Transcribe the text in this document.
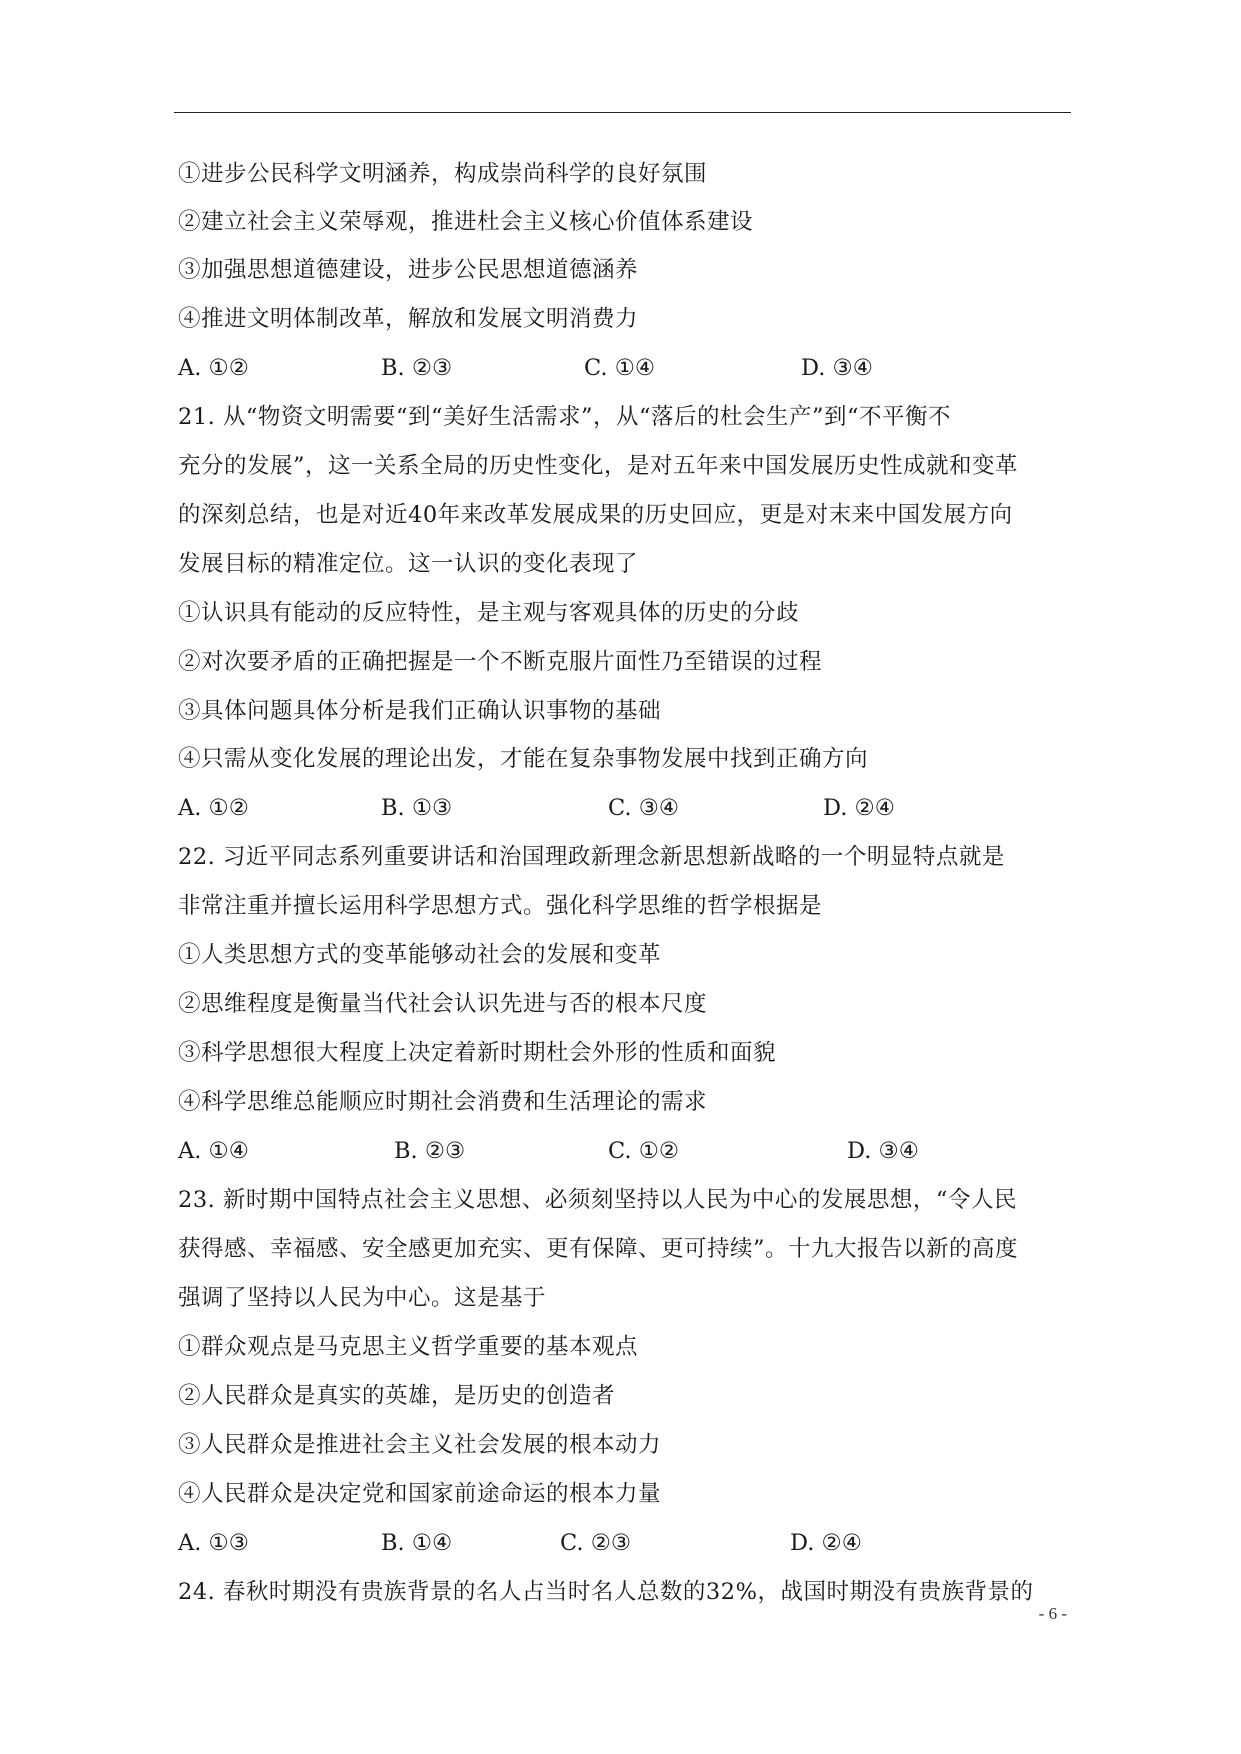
①进步公民科学文明涵养，构成崇尚科学的良好氛围
②建立社会主义荣辱观，推进杜会主义核心价值体系建设
③加强思想道德建设，进步公民思想道德涵养
④推进文明体制改革，解放和发展文明消费力
A. ①②	B. ②③	C. ①④	D. ③④
21. 从“物资文明需要“到“美好生活需求”，从“落后的杜会生产”到“不平衡不
充分的发展”，这一关系全局的历史性变化，是对五年来中国发展历史性成就和变革
的深刻总结，也是对近40年来改革发展成果的历史回应，更是对末来中国发展方向
发展目标的精准定位。这一认识的变化表现了
①认识具有能动的反应特性，是主观与客观具体的历史的分歧
②对次要矛盾的正确把握是一个不断克服片面性乃至错误的过程
③具体问题具体分析是我们正确认识事物的基础
④只需从变化发展的理论出发，才能在复杂事物发展中找到正确方向
A. ①②	B. ①③	C. ③④	D. ②④
22. 习近平同志系列重要讲话和治国理政新理念新思想新战略的一个明显特点就是
非常注重并擅长运用科学思想方式。强化科学思维的哲学根据是
①人类思想方式的变革能够动社会的发展和变革
②思维程度是衡量当代社会认识先进与否的根本尺度
③科学思想很大程度上决定着新时期杜会外形的性质和面貌
④科学思维总能顺应时期社会消费和生活理论的需求
A. ①④	B. ②③	C. ①②	D. ③④
23. 新时期中国特点社会主义思想、必须刻坚持以人民为中心的发展思想，“令人民
获得感、幸福感、安全感更加充实、更有保障、更可持续”。十九大报告以新的高度
强调了坚持以人民为中心。这是基于
①群众观点是马克思主义哲学重要的基本观点
②人民群众是真实的英雄，是历史的创造者
③人民群众是推进社会主义社会发展的根本动力
④人民群众是决定党和国家前途命运的根本力量
A. ①③	B. ①④	C. ②③	D. ②④
24. 春秋时期没有贵族背景的名人占当时名人总数的32%，战国时期没有贵族背景的
- 6 -
